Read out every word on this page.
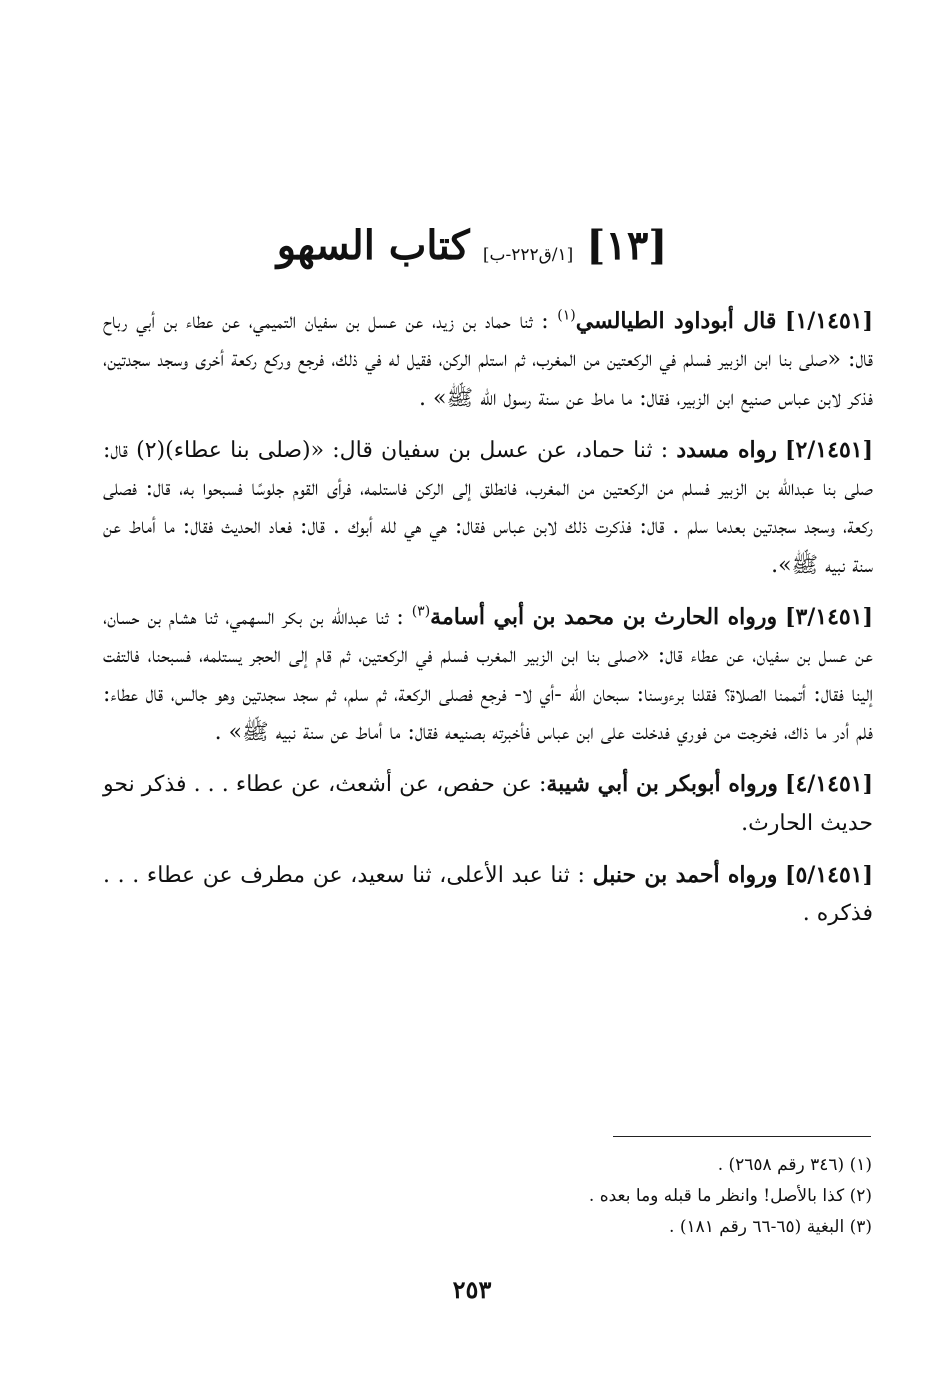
[١٣] [١/ق٢٢٢-ب] كتاب السهو

[١/١٤٥١] قال أبوداود الطيالسي$^{(١)}$ : ثنا حماد بن زيد، عن عسل بن سفيان التميمي، عن عطاء بن أبي رباح قال: «صلى بنا ابن الزبير فسلم في الركعتين من المغرب، ثم استلم الركن، فقيل له في ذلك، فرجع وركع ركعة أخرى وسجد سجدتين، فذكر لابن عباس صنيع ابن الزبير، فقال: ما ماط عن سنة رسول الله ﷺ» .

[٢/١٤٥١] رواه مسدد : ثنا حماد، عن عسل بن سفيان قال: «(صلى بنا عطاء)(٢) قال: صلى بنا عبدالله بن الزبير فسلم من الركعتين من المغرب، فانطلق إلى الركن فاستلمه، فرأى القوم جلوسًا فسبحوا به، قال: فصلى ركعة، وسجد سجدتين بعدما سلم . قال: فذكرت ذلك لابن عباس فقال: هي هي لله أبوك . قال: فعاد الحديث فقال: ما أماط عن سنة نبيه ﷺ».

[٣/١٤٥١] ورواه الحارث بن محمد بن أبي أسامة$^{(٣)}$ : ثنا عبدالله بن بكر السهمي، ثنا هشام بن حسان، عن عسل بن سفيان، عن عطاء قال: «صلى بنا ابن الزبير المغرب فسلم في الركعتين، ثم قام إلى الحجر يستلمه، فسبحنا، فالتفت إلينا فقال: أتممنا الصلاة؟ فقلنا برءوسنا: سبحان الله -أي لا- فرجع فصلى الركعة، ثم سلم، ثم سجد سجدتين وهو جالس، قال عطاء: فلم أدر ما ذاك، فخرجت من فوري فدخلت على ابن عباس فأخبرته بصنيعه فقال: ما أماط عن سنة نبيه ﷺ» .

[٤/١٤٥١] ورواه أبوبكر بن أبي شيبة: عن حفص، عن أشعث، عن عطاء . . . فذكر نحو حديث الحارث.

[٥/١٤٥١] ورواه أحمد بن حنبل : ثنا عبد الأعلى، ثنا سعيد، عن مطرف عن عطاء . . . فذكره .

(١) (٣٤٦ رقم ٢٦٥٨) .
(٢) كذا بالأصل! وانظر ما قبله وما بعده .
(٣) البغية (٦٥-٦٦ رقم ١٨١) .
٢٥٣
